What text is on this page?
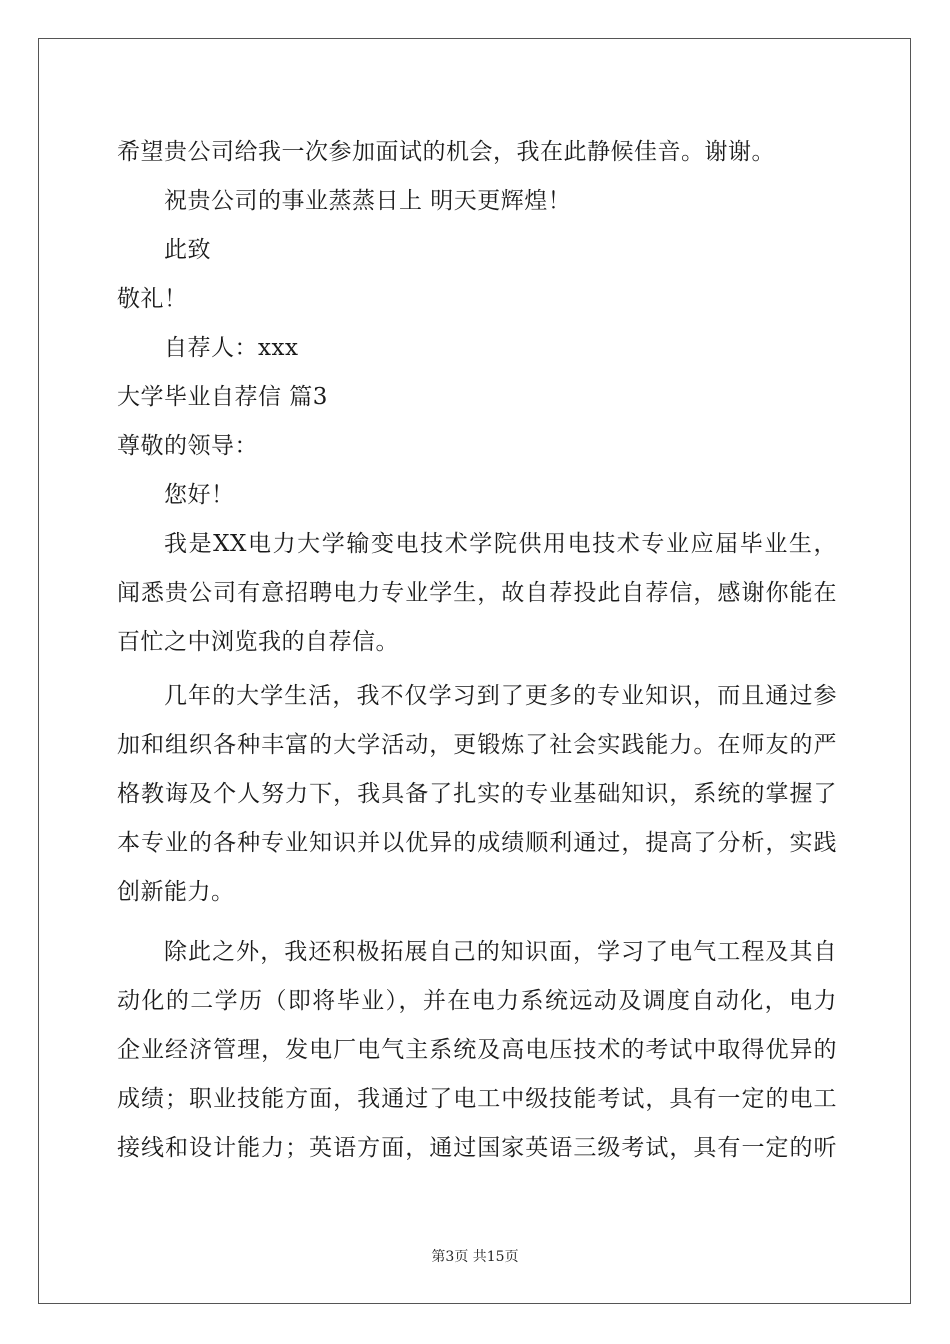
希望贵公司给我一次参加面试的机会，我在此静候佳音。谢谢。
祝贵公司的事业蒸蒸日上 明天更辉煌！
此致
敬礼！
自荐人：xxx
大学毕业自荐信 篇3
尊敬的领导：
您好！
我是XX电力大学输变电技术学院供用电技术专业应届毕业生，
闻悉贵公司有意招聘电力专业学生，故自荐投此自荐信，感谢你能在
百忙之中浏览我的自荐信。
几年的大学生活，我不仅学习到了更多的专业知识，而且通过参
加和组织各种丰富的大学活动，更锻炼了社会实践能力。在师友的严
格教诲及个人努力下，我具备了扎实的专业基础知识，系统的掌握了
本专业的各种专业知识并以优异的成绩顺利通过，提高了分析，实践
创新能力。
除此之外，我还积极拓展自己的知识面，学习了电气工程及其自
动化的二学历（即将毕业），并在电力系统远动及调度自动化，电力
企业经济管理，发电厂电气主系统及高电压技术的考试中取得优异的
成绩；职业技能方面，我通过了电工中级技能考试，具有一定的电工
接线和设计能力；英语方面，通过国家英语三级考试，具有一定的听
第3页 共15页
